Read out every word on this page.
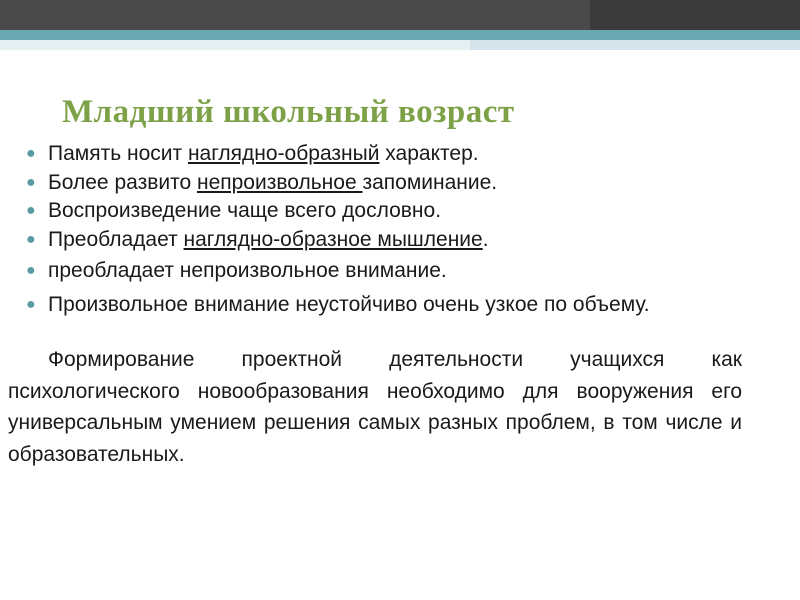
Младший школьный возраст
● Память носит наглядно-образный характер.
● Более развито непроизвольное запоминание.
● Воспроизведение чаще всего дословно.
● Преобладает наглядно-образное мышление.
● преобладает непроизвольное внимание.
● Произвольное внимание неустойчиво очень узкое по объему.
Формирование проектной деятельности учащихся как психологического новообразования необходимо для вооружения его универсальным умением решения самых разных проблем, в том числе и образовательных.
